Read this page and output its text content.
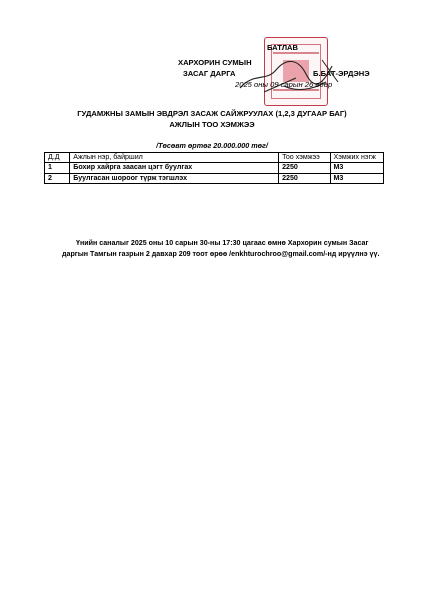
БАТЛАВ
ХАРХОРИН СУМЫН
ЗАСАГ ДАРГА	Б.БАТ-ЭРДЭНЭ
2025 оны 09 сарын 26 өдөр
ГУДАМЖНЫ ЗАМЫН ЭВДРЭЛ ЗАСАЖ САЙЖРУУЛАХ (1,2,3 ДУГААР БАГ)
АЖЛЫН ТОО ХЭМЖЭЭ
/Төсөвт өртөг 20.000.000 төг/
Д.Д	Ажлын нэр, байршил	Тоо хэмжээ	Хэмжих нэгж
1	Бохир хайрга заасан цэгт буулгах	2250	М3
2	Буулгасан шороог түрж тэгшлэх	2250	М3
Үнийн саналыг 2025 оны 10 сарын 30-ны 17:30 цагаас өмнө Хархорин сумын Засаг даргын Тамгын газрын 2 давхар 209 тоот өрөө /enkhturochroo@gmail.com/-нд ирүүлнэ үү.
